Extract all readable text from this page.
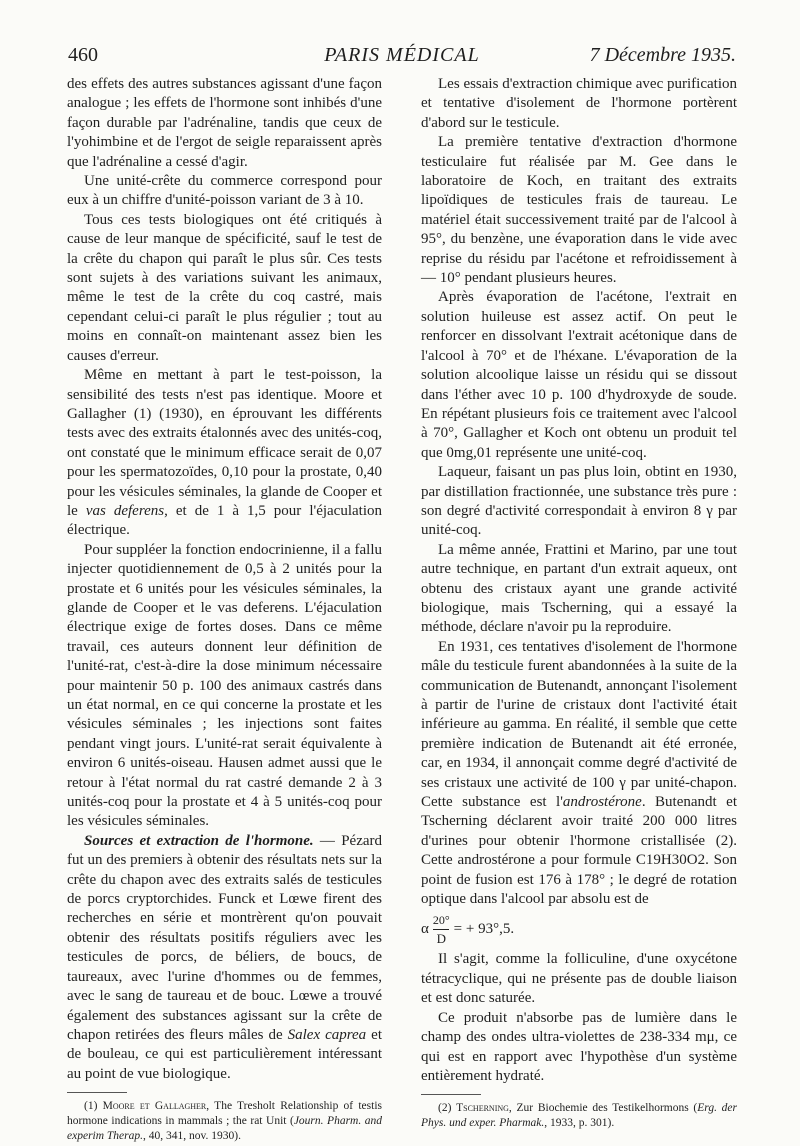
460	PARIS MÉDICAL	7 Décembre 1935.

des effets des autres substances agissant d'une façon analogue ; les effets de l'hormone sont inhibés d'une façon durable par l'adrénaline, tandis que ceux de l'yohimbine et de l'ergot de seigle reparaissent après que l'adrénaline a cessé d'agir.

Une unité-crête du commerce correspond pour eux à un chiffre d'unité-poisson variant de 3 à 10.

Tous ces tests biologiques ont été critiqués à cause de leur manque de spécificité, sauf le test de la crête du chapon qui paraît le plus sûr. Ces tests sont sujets à des variations suivant les animaux, même le test de la crête du coq castré, mais cependant celui-ci paraît le plus régulier ; tout au moins en connaît-on maintenant assez bien les causes d'erreur.

Même en mettant à part le test-poisson, la sensibilité des tests n'est pas identique. Moore et Gallagher (1) (1930), en éprouvant les différents tests avec des extraits étalonnés avec des unités-coq, ont constaté que le minimum efficace serait de 0,07 pour les spermatozoïdes, 0,10 pour la prostate, 0,40 pour les vésicules séminales, la glande de Cooper et le vas deferens, et de 1 à 1,5 pour l'éjaculation électrique.

Pour suppléer la fonction endocrinienne, il a fallu injecter quotidiennement de 0,5 à 2 unités pour la prostate et 6 unités pour les vésicules séminales, la glande de Cooper et le vas deferens. L'éjaculation électrique exige de fortes doses. Dans ce même travail, ces auteurs donnent leur définition de l'unité-rat, c'est-à-dire la dose minimum nécessaire pour maintenir 50 p. 100 des animaux castrés dans un état normal, en ce qui concerne la prostate et les vésicules séminales ; les injections sont faites pendant vingt jours. L'unité-rat serait équivalente à environ 6 unités-oiseau. Hausen admet aussi que le retour à l'état normal du rat castré demande 2 à 3 unités-coq pour la prostate et 4 à 5 unités-coq pour les vésicules séminales.

Sources et extraction de l'hormone. — Pézard fut un des premiers à obtenir des résultats nets sur la crête du chapon avec des extraits salés de testicules de porcs cryptorchides. Funck et Lœwe firent des recherches en série et montrèrent qu'on pouvait obtenir des résultats positifs réguliers avec les testicules de porcs, de béliers, de boucs, de taureaux, avec l'urine d'hommes ou de femmes, avec le sang de taureau et de bouc. Lœwe a trouvé également des substances agissant sur la crête de chapon retirées des fleurs mâles de Salex caprea et de bouleau, ce qui est particulièrement intéressant au point de vue biologique.

(1) Moore et Gallagher, The Tresholt Relationship of testis hormone indications in mammals ; the rat Unit (Journ. Pharm. and experim Therap., 40, 341, nov. 1930).

Les essais d'extraction chimique avec purification et tentative d'isolement de l'hormone portèrent d'abord sur le testicule.

La première tentative d'extraction d'hormone testiculaire fut réalisée par M. Gee dans le laboratoire de Koch, en traitant des extraits lipoïdiques de testicules frais de taureau. Le matériel était successivement traité par de l'alcool à 95°, du benzène, une évaporation dans le vide avec reprise du résidu par l'acétone et refroidissement à — 10° pendant plusieurs heures.

Après évaporation de l'acétone, l'extrait en solution huileuse est assez actif. On peut le renforcer en dissolvant l'extrait acétonique dans de l'alcool à 70° et de l'héxane. L'évaporation de la solution alcoolique laisse un résidu qui se dissout dans l'éther avec 10 p. 100 d'hydroxyde de soude. En répétant plusieurs fois ce traitement avec l'alcool à 70°, Gallagher et Koch ont obtenu un produit tel que 0mg,01 représente une unité-coq.

Laqueur, faisant un pas plus loin, obtint en 1930, par distillation fractionnée, une substance très pure : son degré d'activité correspondait à environ 8 γ par unité-coq.

La même année, Frattini et Marino, par une tout autre technique, en partant d'un extrait aqueux, ont obtenu des cristaux ayant une grande activité biologique, mais Tscherning, qui a essayé la méthode, déclare n'avoir pu la reproduire.

En 1931, ces tentatives d'isolement de l'hormone mâle du testicule furent abandonnées à la suite de la communication de Butenandt, annonçant l'isolement à partir de l'urine de cristaux dont l'activité était inférieure au gamma. En réalité, il semble que cette première indication de Butenandt ait été erronée, car, en 1934, il annonçait comme degré d'activité de ses cristaux une activité de 100 γ par unité-chapon. Cette substance est l'androstérone. Butenandt et Tscherning déclarent avoir traité 200 000 litres d'urines pour obtenir l'hormone cristallisée (2). Cette androstérone a pour formule C19H30O2. Son point de fusion est 176 à 178° ; le degré de rotation optique dans l'alcool par absolu est de

α $\frac{20^\circ}{D}$ = + 93°,5.

Il s'agit, comme la folliculine, d'une oxycétone tétracyclique, qui ne présente pas de double liaison et est donc saturée.

Ce produit n'absorbe pas de lumière dans le champ des ondes ultra-violettes de 238-334 mμ, ce qui est en rapport avec l'hypothèse d'un système entièrement hydraté.

(2) Tscherning, Zur Biochemie des Testikelhormons (Erg. der Phys. und exper. Pharmak., 1933, p. 301).
